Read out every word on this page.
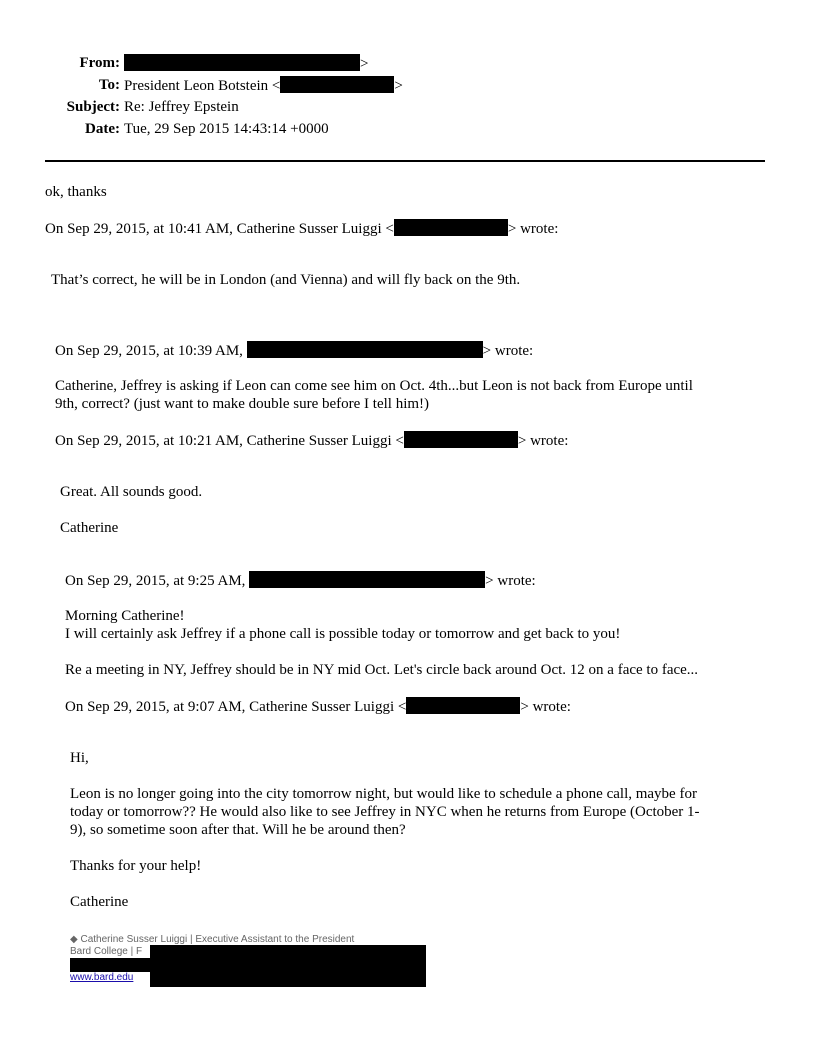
From:	>
To: President Leon Botstein <	>
Subject: Re: Jeffrey Epstein
Date: Tue, 29 Sep 2015 14:43:14 +0000
ok, thanks
On Sep 29, 2015, at 10:41 AM, Catherine Susser Luiggi <	> wrote:
That’s correct, he will be in London (and Vienna) and will fly back on the 9th.
On Sep 29, 2015, at 10:39 AM,	> wrote:
Catherine, Jeffrey is asking if Leon can come see him on Oct. 4th...but Leon is not back from Europe until
9th, correct? (just want to make double sure before I tell him!)
On Sep 29, 2015, at 10:21 AM, Catherine Susser Luiggi <	> wrote:
Great. All sounds good.
Catherine
On Sep 29, 2015, at 9:25 AM,	> wrote:
Morning Catherine!
I will certainly ask Jeffrey if a phone call is possible today or tomorrow and get back to you!
Re a meeting in NY, Jeffrey should be in NY mid Oct. Let's circle back around Oct. 12 on a face to face...
On Sep 29, 2015, at 9:07 AM, Catherine Susser Luiggi <	> wrote:
Hi,
Leon is no longer going into the city tomorrow night, but would like to schedule a phone call, maybe for
today or tomorrow?? He would also like to see Jeffrey in NYC when he returns from Europe (October 1-
9), so sometime soon after that. Will he be around then?
Thanks for your help!
Catherine
◆ Catherine Susser Luiggi | Executive Assistant to the President
Bard College | F
www.bard.edu
